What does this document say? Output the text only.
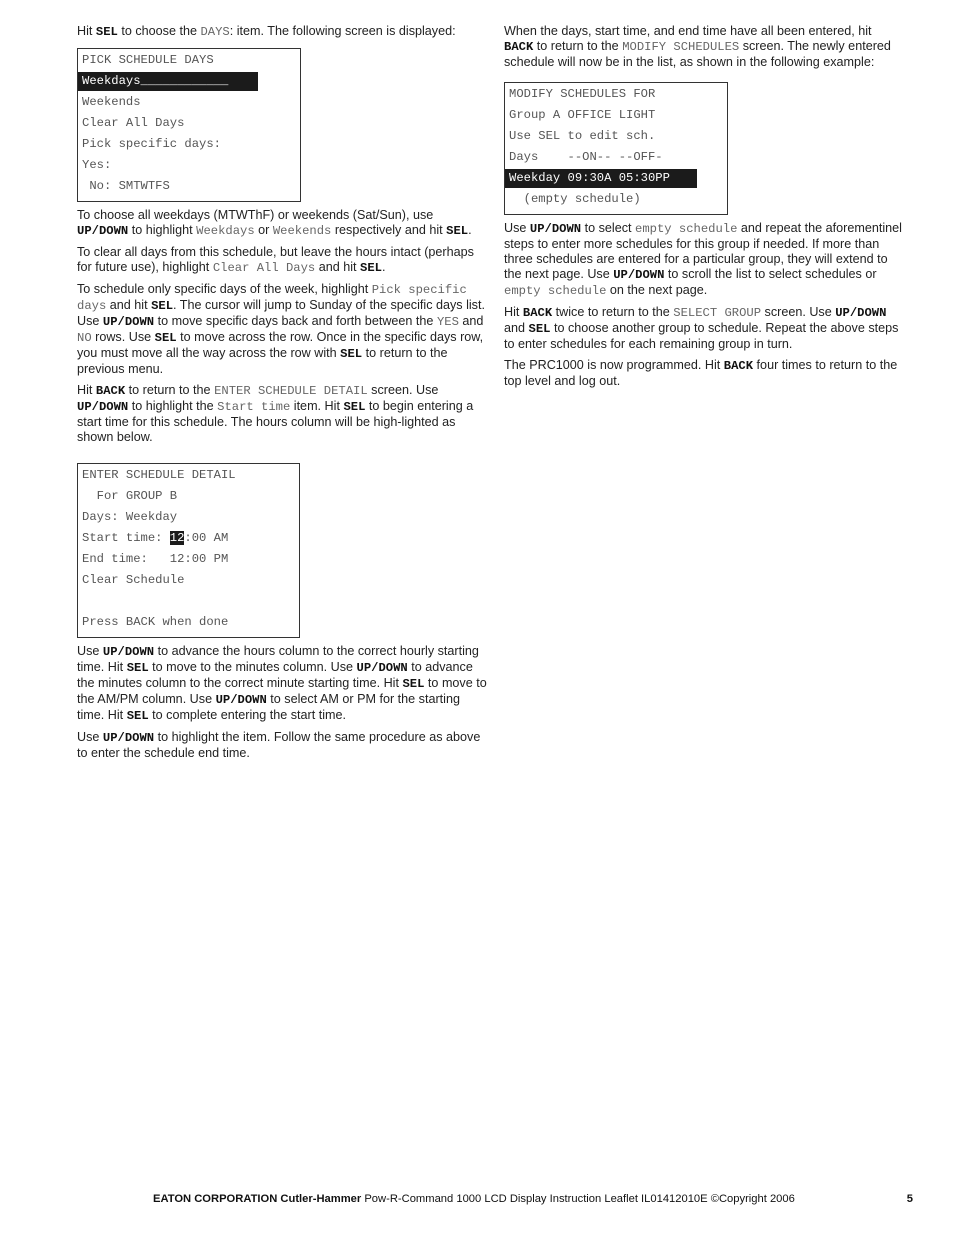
Hit SEL to choose the DAYS: item. The following screen is displayed:

PICK SCHEDULE DAYS
Weekdays____________
Weekends
Clear All Days
Pick specific days:
Yes:
No: SMTWTFS

To choose all weekdays (MTWThF) or weekends (Sat/Sun), use UP/DOWN to highlight Weekdays or Weekends respectively and hit SEL.

To clear all days from this schedule, but leave the hours intact (perhaps for future use), highlight Clear All Days and hit SEL.

To schedule only specific days of the week, highlight Pick specific days and hit SEL. The cursor will jump to Sunday of the specific days list. Use UP/DOWN to move specific days back and forth between the YES and NO rows. Use SEL to move across the row. Once in the specific days row, you must move all the way across the row with SEL to return to the previous menu.

Hit BACK to return to the ENTER SCHEDULE DETAIL screen. Use UP/DOWN to highlight the Start time item. Hit SEL to begin entering a start time for this schedule. The hours column will be high-lighted as shown below.

ENTER SCHEDULE DETAIL
For GROUP B
Days: Weekday
Start time: 12:00 AM
End time:   12:00 PM
Clear Schedule
Press BACK when done

Use UP/DOWN to advance the hours column to the correct hourly starting time. Hit SEL to move to the minutes column. Use UP/DOWN to advance the minutes column to the correct minute starting time. Hit SEL to move to the AM/PM column. Use UP/DOWN to select AM or PM for the starting time. Hit SEL to complete entering the start time.

Use UP/DOWN to highlight the item. Follow the same procedure as above to enter the schedule end time.

When the days, start time, and end time have all been entered, hit BACK to return to the MODIFY SCHEDULES screen. The newly entered schedule will now be in the list, as shown in the following example:

MODIFY SCHEDULES FOR
Group A OFFICE LIGHT
Use SEL to edit sch.
Days    --ON-- --OFF-
Weekday 09:30A 05:30PP
(empty schedule)

Use UP/DOWN to select empty schedule and repeat the aforementinel steps to enter more schedules for this group if needed. If more than three schedules are entered for a particular group, they will extend to the next page. Use UP/DOWN to scroll the list to select schedules or empty schedule on the next page.

Hit BACK twice to return to the SELECT GROUP screen. Use UP/DOWN and SEL to choose another group to schedule. Repeat the above steps to enter schedules for each remaining group in turn.

The PRC1000 is now programmed. Hit BACK four times to return to the top level and log out.

EATON CORPORATION Cutler-Hammer Pow-R-Command 1000 LCD Display Instruction Leaflet IL01412010E ©Copyright 2006	5
